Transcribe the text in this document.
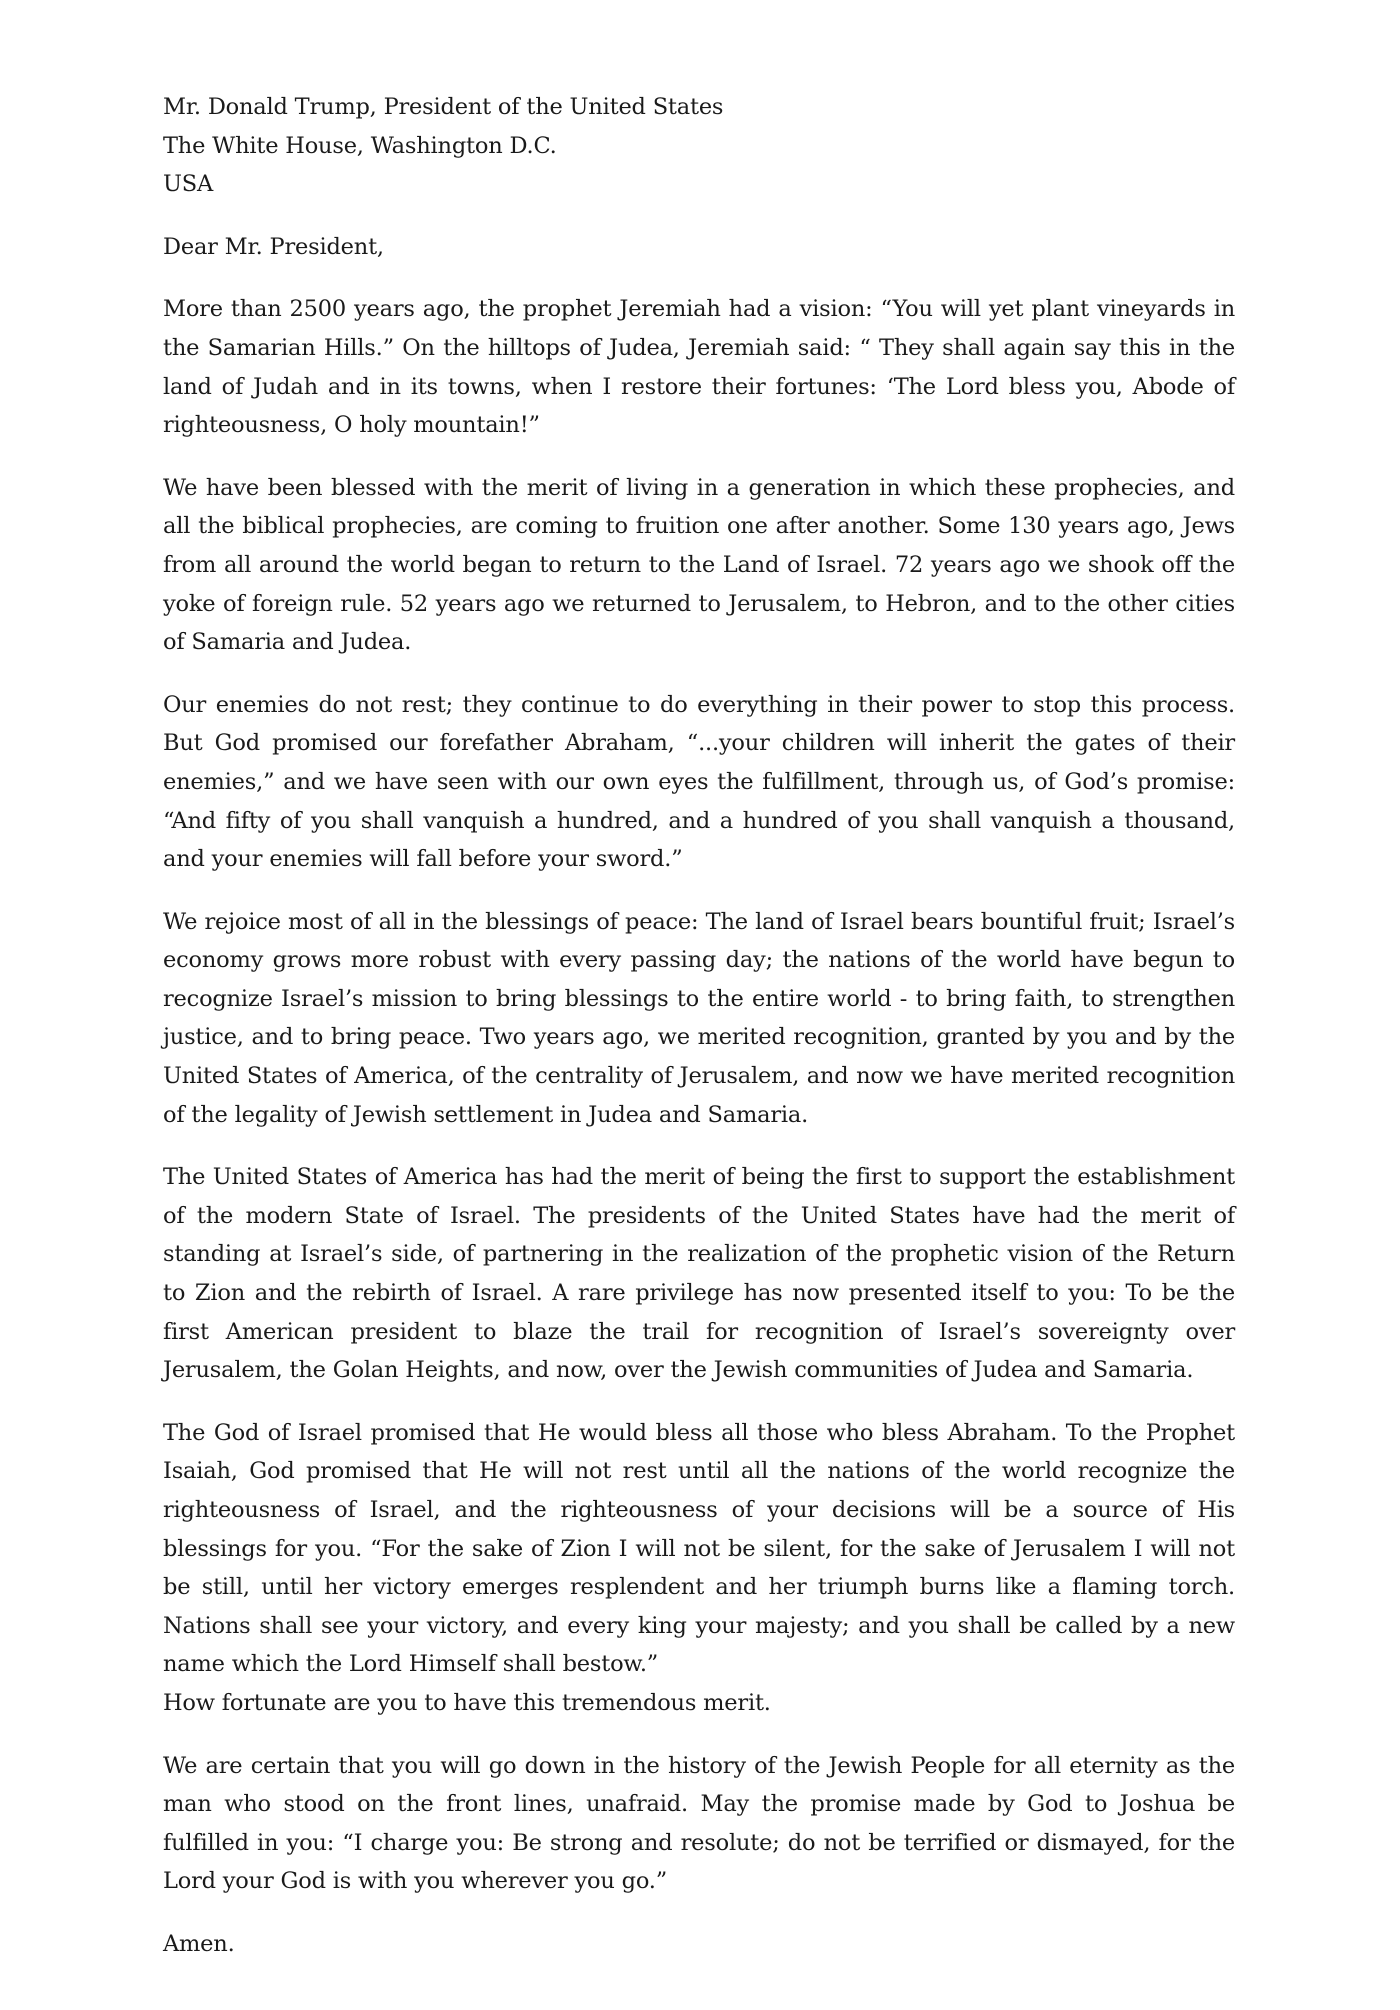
Mr. Donald Trump, President of the United States
The White House, Washington D.C.
USA

Dear Mr. President,

More than 2500 years ago, the prophet Jeremiah had a vision: “You will yet plant vineyards in the Samarian Hills.” On the hilltops of Judea, Jeremiah said: “ They shall again say this in the land of Judah and in its towns, when I restore their fortunes: ‘The Lord bless you, Abode of righteousness, O holy mountain!”

We have been blessed with the merit of living in a generation in which these prophecies, and all the biblical prophecies, are coming to fruition one after another. Some 130 years ago, Jews from all around the world began to return to the Land of Israel. 72 years ago we shook off the yoke of foreign rule. 52 years ago we returned to Jerusalem, to Hebron, and to the other cities of Samaria and Judea.

Our enemies do not rest; they continue to do everything in their power to stop this process. But God promised our forefather Abraham, “...your children will inherit the gates of their enemies,” and we have seen with our own eyes the fulfillment, through us, of God’s promise: “And fifty of you shall vanquish a hundred, and a hundred of you shall vanquish a thousand, and your enemies will fall before your sword.”

We rejoice most of all in the blessings of peace: The land of Israel bears bountiful fruit; Israel’s economy grows more robust with every passing day; the nations of the world have begun to recognize Israel’s mission to bring blessings to the entire world - to bring faith, to strengthen justice, and to bring peace. Two years ago, we merited recognition, granted by you and by the United States of America, of the centrality of Jerusalem, and now we have merited recognition of the legality of Jewish settlement in Judea and Samaria.

The United States of America has had the merit of being the first to support the establishment of the modern State of Israel. The presidents of the United States have had the merit of standing at Israel’s side, of partnering in the realization of the prophetic vision of the Return to Zion and the rebirth of Israel. A rare privilege has now presented itself to you: To be the first American president to blaze the trail for recognition of Israel’s sovereignty over Jerusalem, the Golan Heights, and now, over the Jewish communities of Judea and Samaria.

The God of Israel promised that He would bless all those who bless Abraham. To the Prophet Isaiah, God promised that He will not rest until all the nations of the world recognize the righteousness of Israel, and the righteousness of your decisions will be a source of His blessings for you. “For the sake of Zion I will not be silent, for the sake of Jerusalem I will not be still, until her victory emerges resplendent and her triumph burns like a flaming torch. Nations shall see your victory, and every king your majesty; and you shall be called by a new name which the Lord Himself shall bestow.”

How fortunate are you to have this tremendous merit.

We are certain that you will go down in the history of the Jewish People for all eternity as the man who stood on the front lines, unafraid. May the promise made by God to Joshua be fulfilled in you: “I charge you: Be strong and resolute; do not be terrified or dismayed, for the Lord your God is with you wherever you go.”

Amen.
